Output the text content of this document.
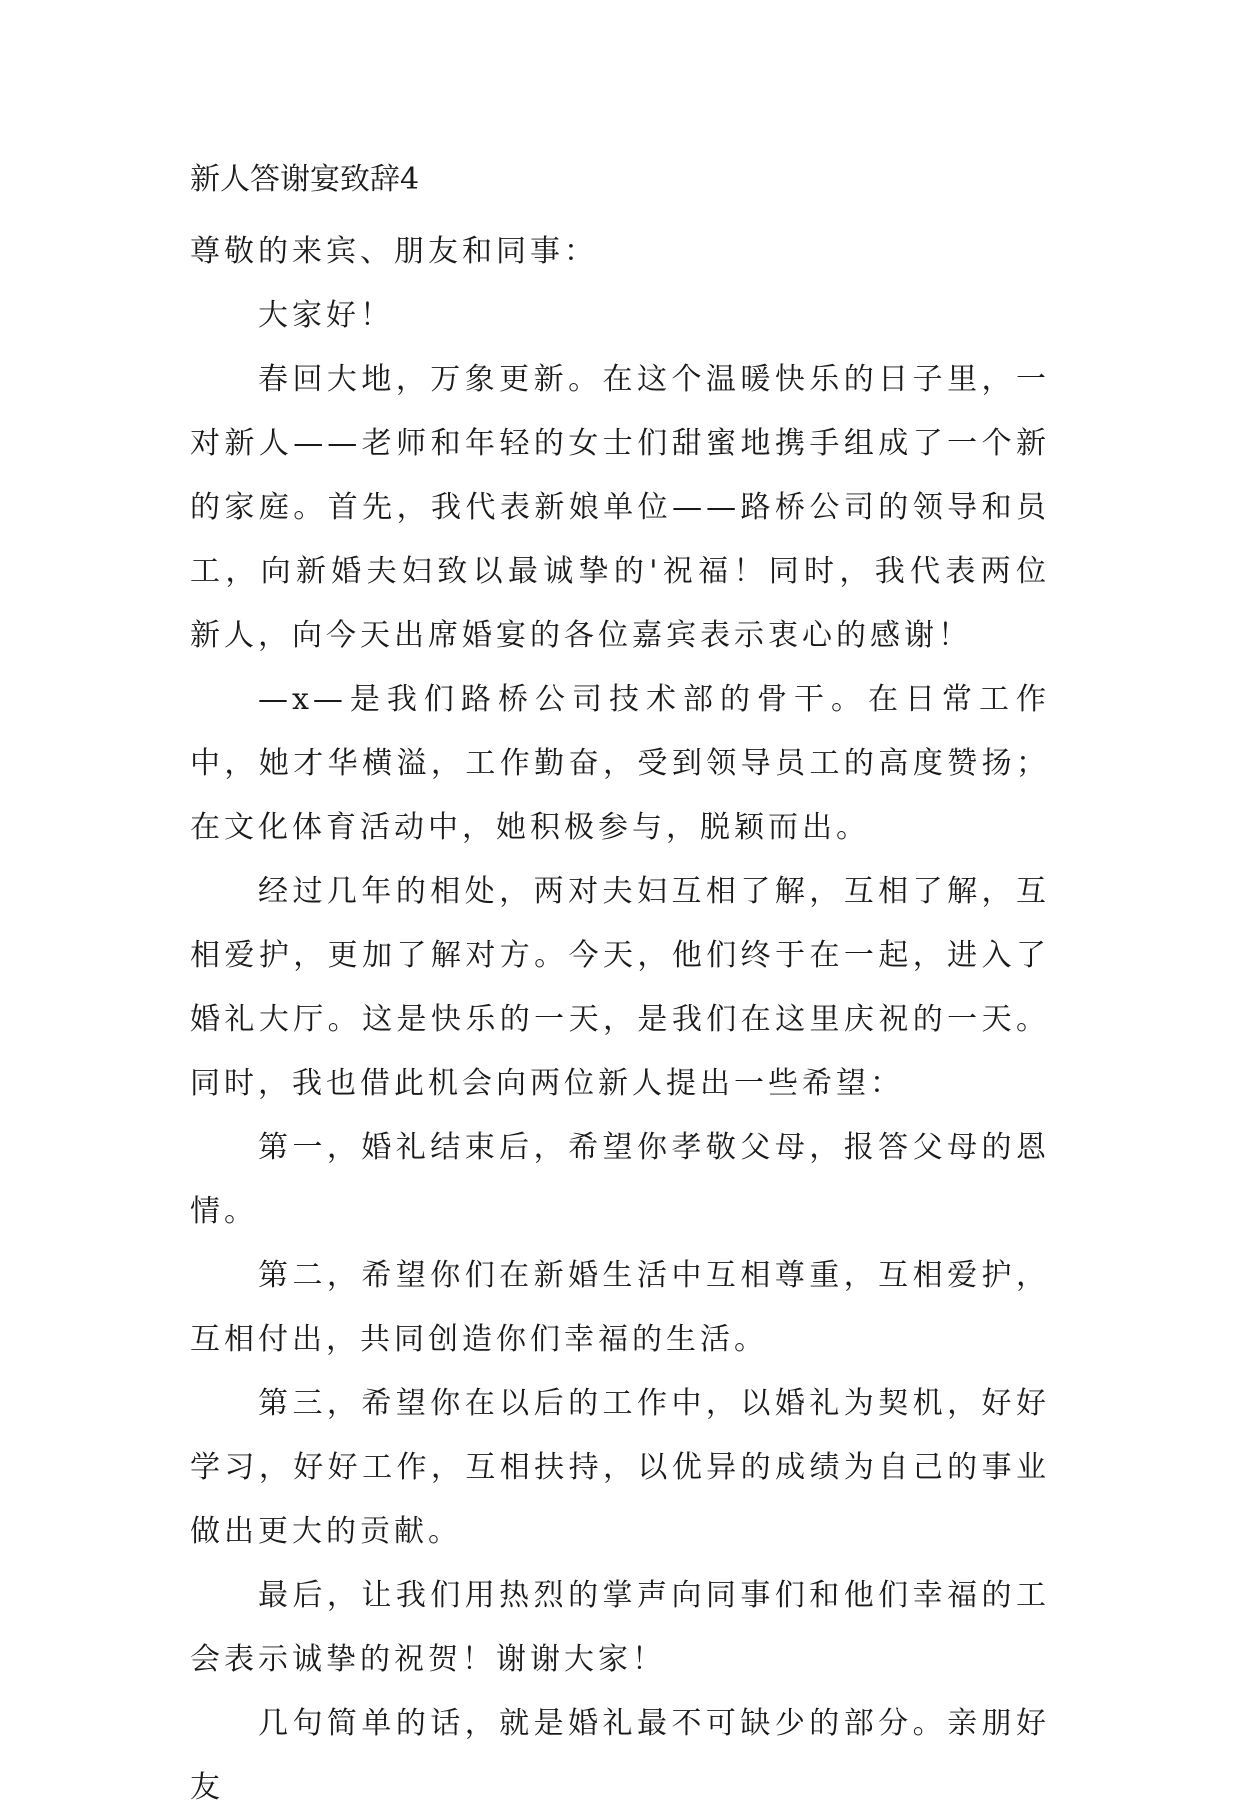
新人答谢宴致辞4

尊敬的来宾、朋友和同事：

大家好！

春回大地，万象更新。在这个温暖快乐的日子里，一对新人——老师和年轻的女士们甜蜜地携手组成了一个新的家庭。首先，我代表新娘单位——路桥公司的领导和员工，向新婚夫妇致以最诚挚的'祝福！同时，我代表两位新人，向今天出席婚宴的各位嘉宾表示衷心的感谢！

—x—是我们路桥公司技术部的骨干。在日常工作中，她才华横溢，工作勤奋，受到领导员工的高度赞扬；在文化体育活动中，她积极参与，脱颖而出。

经过几年的相处，两对夫妇互相了解，互相了解，互相爱护，更加了解对方。今天，他们终于在一起，进入了婚礼大厅。这是快乐的一天，是我们在这里庆祝的一天。同时，我也借此机会向两位新人提出一些希望：

第一，婚礼结束后，希望你孝敬父母，报答父母的恩情。

第二，希望你们在新婚生活中互相尊重，互相爱护，互相付出，共同创造你们幸福的生活。

第三，希望你在以后的工作中，以婚礼为契机，好好学习，好好工作，互相扶持，以优异的成绩为自己的事业做出更大的贡献。

最后，让我们用热烈的掌声向同事们和他们幸福的工会表示诚挚的祝贺！谢谢大家！

几句简单的话，就是婚礼最不可缺少的部分。亲朋好友
